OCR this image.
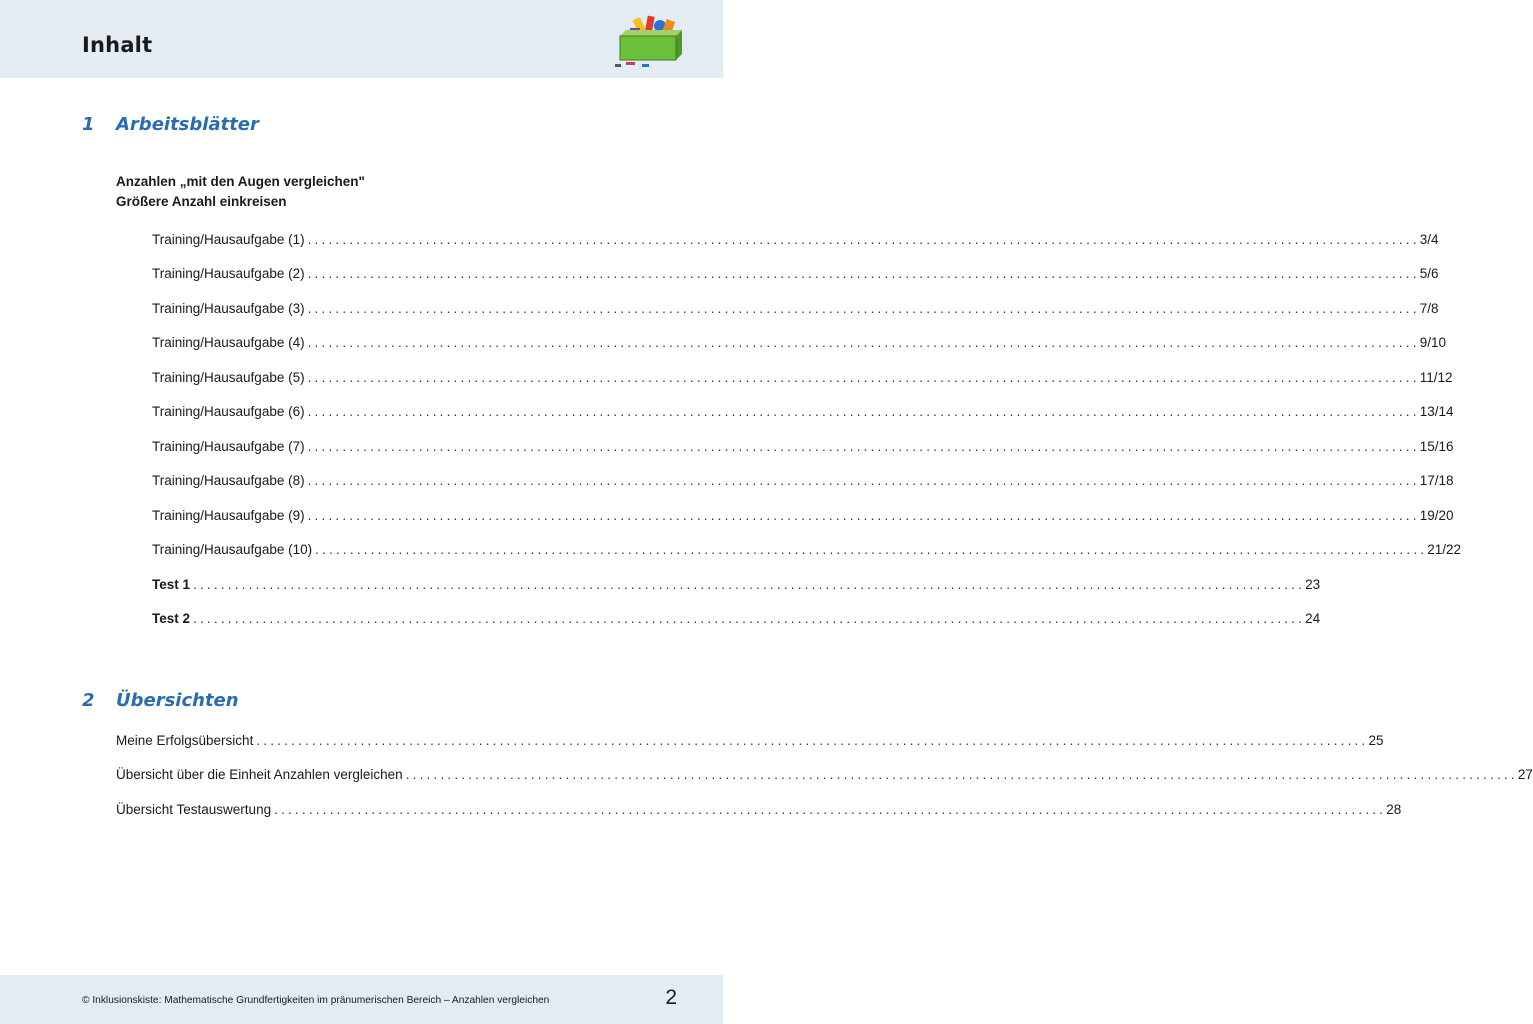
Inhalt
1 Arbeitsblätter
Anzahlen „mit den Augen vergleichen"
Größere Anzahl einkreisen
Training/Hausaufgabe (1) ................................................................................................................................................................ 3/4
Training/Hausaufgabe (2) ................................................................................................................................................................ 5/6
Training/Hausaufgabe (3) ................................................................................................................................................................ 7/8
Training/Hausaufgabe (4) ................................................................................................................................................................ 9/10
Training/Hausaufgabe (5) ................................................................................................................................................................ 11/12
Training/Hausaufgabe (6) ................................................................................................................................................................ 13/14
Training/Hausaufgabe (7) ................................................................................................................................................................ 15/16
Training/Hausaufgabe (8) ................................................................................................................................................................ 17/18
Training/Hausaufgabe (9) ................................................................................................................................................................ 19/20
Training/Hausaufgabe (10) ................................................................................................................................................................ 21/22
Test 1 ................................................................................................................................................................ 23
Test 2 ................................................................................................................................................................ 24
2 Übersichten
Meine Erfolgsübersicht ................................................................................................................................................................ 25
Übersicht über die Einheit Anzahlen vergleichen ................................................................................................................................................................ 27
Übersicht Testauswertung ................................................................................................................................................................ 28
© Inklusionskiste: Mathematische Grundfertigkeiten im pränumerischen Bereich – Anzahlen vergleichen	2
